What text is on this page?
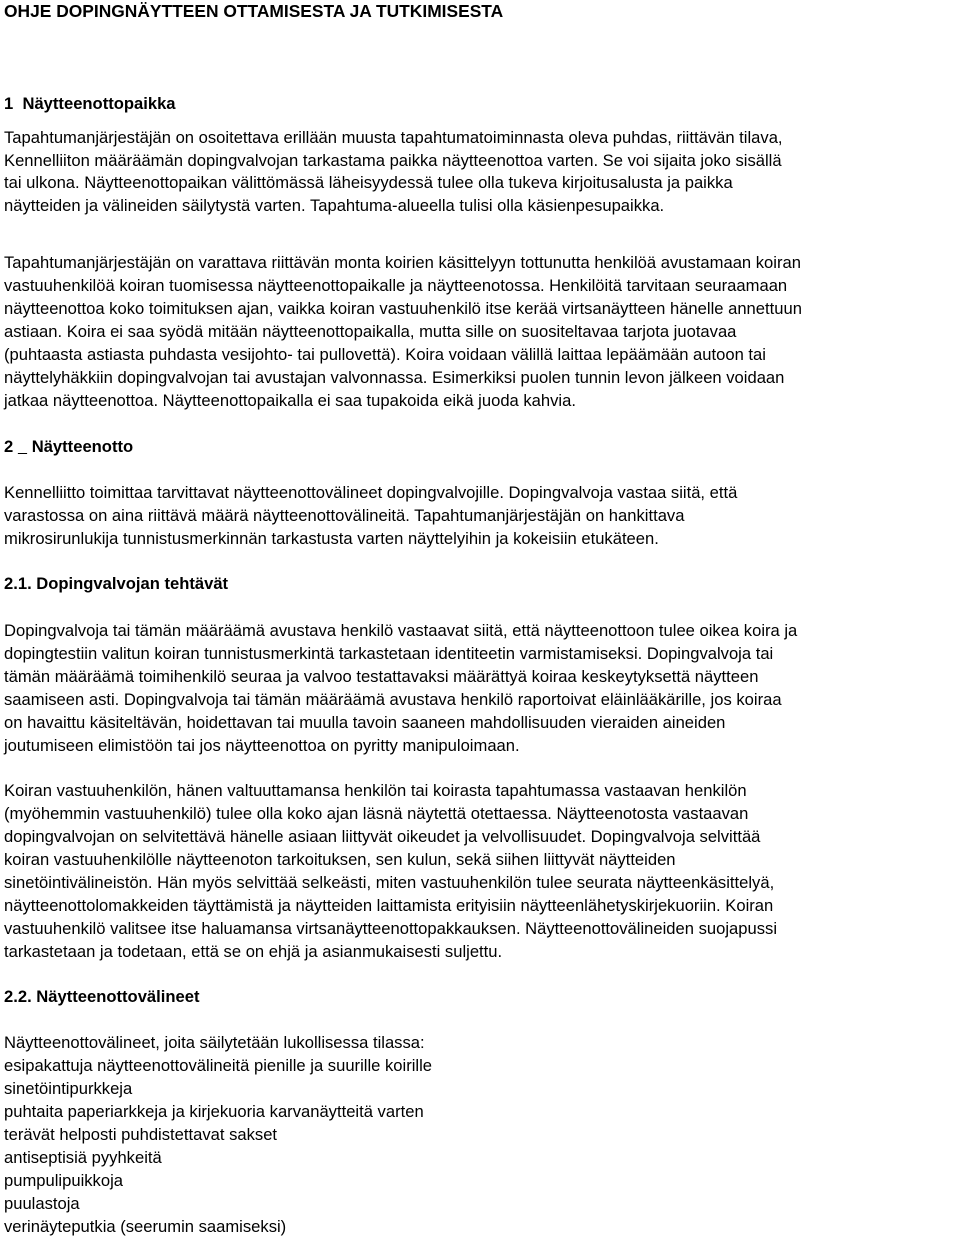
OHJE DOPINGNÄYTTEEN OTTAMISESTA JA TUTKIMISESTA

1 Näytteenottopaikka

Tapahtumanjärjestäjän on osoitettava erillään muusta tapahtumatoiminnasta oleva puhdas, riittävän tilava,
Kennelliiton määräämän dopingvalvojan tarkastama paikka näytteenottoa varten. Se voi sijaita joko sisällä
tai ulkona. Näytteenottopaikan välittömässä läheisyydessä tulee olla tukeva kirjoitusalusta ja paikka
näytteiden ja välineiden säilytystä varten. Tapahtuma-alueella tulisi olla käsienpesupaikka.
Tapahtumanjärjestäjän on varattava riittävän monta koirien käsittelyyn tottunutta henkilöä avustamaan koiran
vastuuhenkilöä koiran tuomisessa näytteenottopaikalle ja näytteenotossa. Henkilöitä tarvitaan seuraamaan
näytteenottoa koko toimituksen ajan, vaikka koiran vastuuhenkilö itse kerää virtsanäytteen hänelle annettuun
astiaan. Koira ei saa syödä mitään näytteenottopaikalla, mutta sille on suositeltavaa tarjota juotavaa
(puhtaasta astiasta puhdasta vesijohto- tai pullovettä). Koira voidaan välillä laittaa lepäämään autoon tai
näyttelyhäkkiin dopingvalvojan tai avustajan valvonnassa. Esimerkiksi puolen tunnin levon jälkeen voidaan
jatkaa näytteenottoa. Näytteenottopaikalla ei saa tupakoida eikä juoda kahvia.

2 Näytteenotto

Kennelliitto toimittaa tarvittavat näytteenottovälineet dopingvalvojille. Dopingvalvoja vastaa siitä, että
varastossa on aina riittävä määrä näytteenottovälineitä. Tapahtumanjärjestäjän on hankittava
mikrosirunlukija tunnistusmerkinnän tarkastusta varten näyttelyihin ja kokeisiin etukäteen.

2.1. Dopingvalvojan tehtävät

Dopingvalvoja tai tämän määräämä avustava henkilö vastaavat siitä, että näytteenottoon tulee oikea koira ja
dopingtestiin valitun koiran tunnistusmerkintä tarkastetaan identiteetin varmistamiseksi. Dopingvalvoja tai
tämän määräämä toimihenkilö seuraa ja valvoo testattavaksi määrättyä koiraa keskeytyksettä näytteen
saamiseen asti. Dopingvalvoja tai tämän määräämä avustava henkilö raportoivat eläinlääkärille, jos koiraa
on havaittu käsiteltävän, hoidettavan tai muulla tavoin saaneen mahdollisuuden vieraiden aineiden
joutumiseen elimistöön tai jos näytteenottoa on pyritty manipuloimaan.
Koiran vastuuhenkilön, hänen valtuuttamansa henkilön tai koirasta tapahtumassa vastaavan henkilön
(myöhemmin vastuuhenkilö) tulee olla koko ajan läsnä näytettä otettaessa. Näytteenotosta vastaavan
dopingvalvojan on selvitettävä hänelle asiaan liittyvät oikeudet ja velvollisuudet. Dopingvalvoja selvittää
koiran vastuuhenkilölle näytteenoton tarkoituksen, sen kulun, sekä siihen liittyvät näytteiden
sinetöintivälineistön. Hän myös selvittää selkeästi, miten vastuuhenkilön tulee seurata näytteenkäsittelyä,
näytteenottolomakkeiden täyttämistä ja näytteiden laittamista erityisiin näytteenlähetyskirjekuoriin. Koiran
vastuuhenkilö valitsee itse haluamansa virtsanäytteenottopakkauksen. Näytteenottovälineiden suojapussi
tarkastetaan ja todetaan, että se on ehjä ja asianmukaisesti suljettu.

2.2. Näytteenottovälineet

Näytteenottovälineet, joita säilytetään lukollisessa tilassa:
esipakattuja näytteenottovälineitä pienille ja suurille koirille
sinetöintipurkkeja
puhtaita paperiarkkeja ja kirjekuoria karvanäytteitä varten
terävät helposti puhdistettavat sakset
antiseptisiä pyyhkeitä
pumpulipuikkoja
puulastoja
verinäyteputkia (seerumin saamiseksi)
